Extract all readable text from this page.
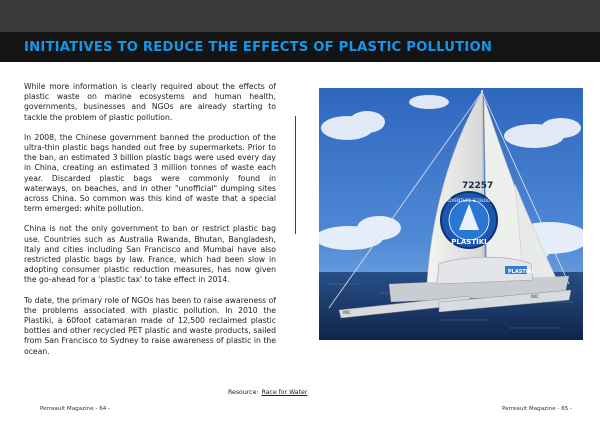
INITIATIVES TO REDUCE THE EFFECTS OF PLASTIC POLLUTION

While more information is clearly required about the effects of plastic waste on marine ecosystems and human health, governments, businesses and NGOs are already starting to tackle the problem of plastic pollution.

In 2008, the Chinese government banned the production of the ultra-thin plastic bags handed out free by supermarkets. Prior to the ban, an estimated 3 billion plastic bags were used every day in China, creating an estimated 3 million tonnes of waste each year. Discarded plastic bags were commonly found in waterways, on beaches, and in other "unofficial" dumping sites across China. So common was this kind of waste that a special term emerged: white pollution.

China is not the only government to ban or restrict plastic bag use. Countries such as Australia Rwanda, Bhutan, Bangladesh, Italy and cities including San Francisco and Mumbai have also restricted plastic bags by law. France, which had been slow in adopting consumer plastic reduction measures, has now given the go-ahead for a 'plastic tax' to take effect in 2014.

To date, the primary role of NGOs has been to raise awareness of the problems associated with plastic pollution. In 2010 the Plastiki, a 60foot catamaran made of 12,500 reclaimed plastic bottles and other recycled PET plastic and waste products, sailed from San Francisco to Sydney to raise awareness of plastic in the ocean.

72257
ADVENTURE ECOLOGY
PLASTIKI
PLASTIKI
IWC
IWC
Resource: Race for Water
Perreault Magazine - 64 -	Perreault Magazine - 65 -
